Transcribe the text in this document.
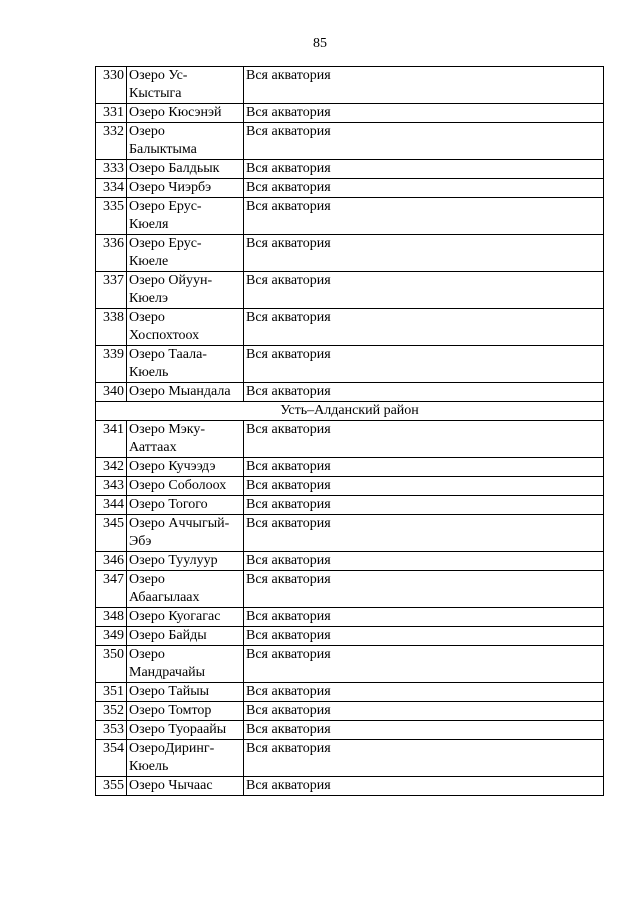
85
330	Озеро Ус-
Кыстыга	Вся акватория
331	Озеро Кюсэнэй	Вся акватория
332	Озеро
Балыктыма	Вся акватория
333	Озеро Балдьык	Вся акватория
334	Озеро Чиэрбэ	Вся акватория
335	Озеро Ерус-
Кюеля	Вся акватория
336	Озеро Ерус-
Кюеле	Вся акватория
337	Озеро Ойуун-
Кюелэ	Вся акватория
338	Озеро
Хоспохтоох	Вся акватория
339	Озеро Таала-
Кюель	Вся акватория
340	Озеро Мыандала	Вся акватория
Усть–Алданский район		
341	Озеро Мэку-
Ааттаах	Вся акватория
342	Озеро Кучээдэ	Вся акватория
343	Озеро Соболоох	Вся акватория
344	Озеро Тогого	Вся акватория
345	Озеро Аччыгый-
Эбэ	Вся акватория
346	Озеро Туулуур	Вся акватория
347	Озеро
Абаагылаах	Вся акватория
348	Озеро Куогагас	Вся акватория
349	Озеро Байды	Вся акватория
350	Озеро
Мандрачайы	Вся акватория
351	Озеро Тайыы	Вся акватория
352	Озеро Томтор	Вся акватория
353	Озеро Туораайы	Вся акватория
354	ОзероДиринг-
Кюель	Вся акватория
355	Озеро Чычаас	Вся акватория
